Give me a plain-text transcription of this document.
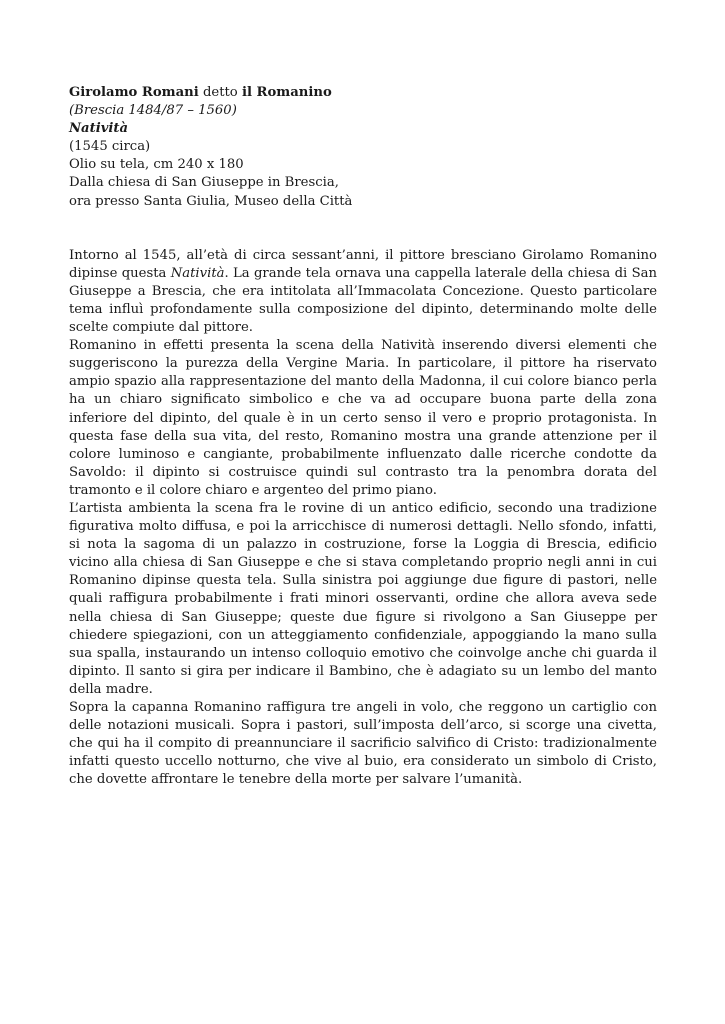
Girolamo Romani detto il Romanino

(Brescia 1484/87 – 1560)

Natività

(1545 circa)

Olio su tela, cm 240 x 180

Dalla chiesa di San Giuseppe in Brescia,

ora presso Santa Giulia, Museo della Città

Intorno al 1545, all’età di circa sessant’anni, il pittore bresciano Girolamo Romanino dipinse questa Natività. La grande tela ornava una cappella laterale della chiesa di San Giuseppe a Brescia, che era intitolata all’Immacolata Concezione. Questo particolare tema influì profondamente sulla composizione del dipinto, determinando molte delle scelte compiute dal pittore.

Romanino in effetti presenta la scena della Natività inserendo diversi elementi che suggeriscono la purezza della Vergine Maria. In particolare, il pittore ha riservato ampio spazio alla rappresentazione del manto della Madonna, il cui colore bianco perla ha un chiaro significato simbolico e che va ad occupare buona parte della zona inferiore del dipinto, del quale è in un certo senso il vero e proprio protagonista. In questa fase della sua vita, del resto, Romanino mostra una grande attenzione per il colore luminoso e cangiante, probabilmente influenzato dalle ricerche condotte da Savoldo: il dipinto si costruisce quindi sul contrasto tra la penombra dorata del tramonto e il colore chiaro e argenteo del primo piano.

L’artista ambienta la scena fra le rovine di un antico edificio, secondo una tradizione figurativa molto diffusa, e poi la arricchisce di numerosi dettagli. Nello sfondo, infatti, si nota la sagoma di un palazzo in costruzione, forse la Loggia di Brescia, edificio vicino alla chiesa di San Giuseppe e che si stava completando proprio negli anni in cui Romanino dipinse questa tela. Sulla sinistra poi aggiunge due figure di pastori, nelle quali raffigura probabilmente i frati minori osservanti, ordine che allora aveva sede nella chiesa di San Giuseppe; queste due figure si rivolgono a San Giuseppe per chiedere spiegazioni, con un atteggiamento confidenziale, appoggiando la mano sulla sua spalla, instaurando un intenso colloquio emotivo che coinvolge anche chi guarda il dipinto. Il santo si gira per indicare il Bambino, che è adagiato su un lembo del manto della madre.

Sopra la capanna Romanino raffigura tre angeli in volo, che reggono un cartiglio con delle notazioni musicali. Sopra i pastori, sull’imposta dell’arco, si scorge una civetta, che qui ha il compito di preannunciare il sacrificio salvifico di Cristo: tradizionalmente infatti questo uccello notturno, che vive al buio, era considerato un simbolo di Cristo, che dovette affrontare le tenebre della morte per salvare l’umanità.
